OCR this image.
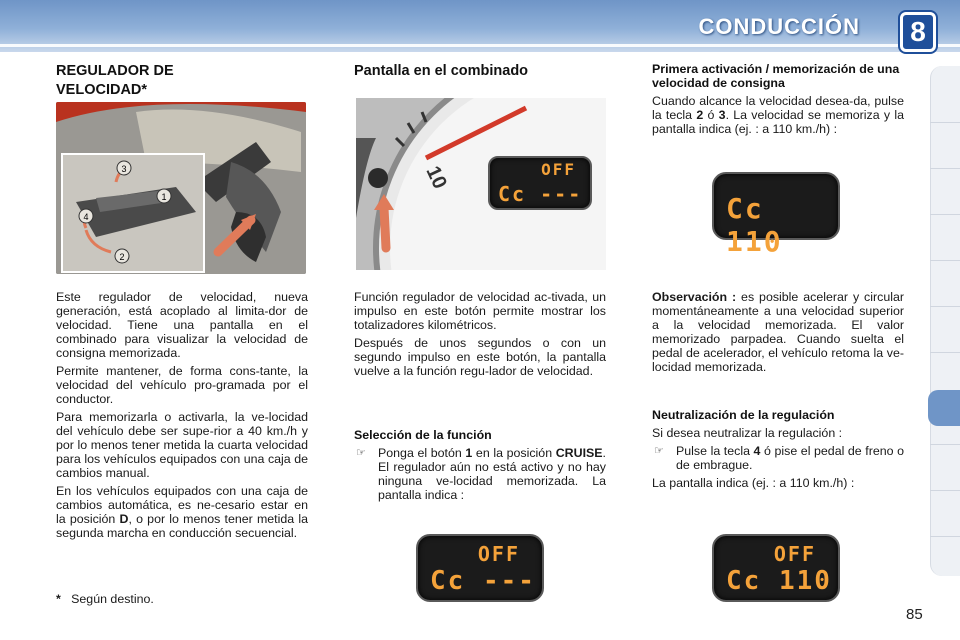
CONDUCCIÓN	8
REGULADOR DE VELOCIDAD*
3
1
4
2

Este regulador de velocidad, nueva generación, está acoplado al limita-dor de velocidad. Tiene una pantalla en el combinado para visualizar la velocidad de consigna memorizada.

Permite mantener, de forma cons-tante, la velocidad del vehículo pro-gramada por el conductor.

Para memorizarla o activarla, la ve-locidad del vehículo debe ser supe-rior a 40 km./h y por lo menos tener metida la cuarta velocidad para los vehículos equipados con una caja de cambios manual.

En los vehículos equipados con una caja de cambios automática, es ne-cesario estar en la posición D, o por lo menos tener metida la segunda marcha en conducción secuencial.

* Según destino.
Pantalla en el combinado
10	OFF
Cc ---

Función regulador de velocidad ac-tivada, un impulso en este botón permite mostrar los totalizadores kilométricos.

Después de unos segundos o con un segundo impulso en este botón, la pantalla vuelve a la función regu-lador de velocidad.

Selección de la función
☞ Ponga el botón 1 en la posición CRUISE. El regulador aún no está activo y no hay ninguna ve-locidad memorizada. La pantalla indica :
OFF
Cc ---
Primera activación / memorización de una velocidad de consigna

Cuando alcance la velocidad desea-da, pulse la tecla 2 ó 3. La velocidad se memoriza y la pantalla indica (ej. : a 110 km./h) :

Cc 110

Observación : es posible acelerar y circular momentáneamente a una velocidad superior a la velocidad memorizada. El valor memorizado parpadea. Cuando suelta el pedal de acelerador, el vehículo retoma la ve-locidad memorizada.

Neutralización de la regulación

Si desea neutralizar la regulación :

☞ Pulse la tecla 4 ó pise el pedal de freno o de embrague.

La pantalla indica (ej. : a 110 km./h) :

OFF
Cc 110
85
